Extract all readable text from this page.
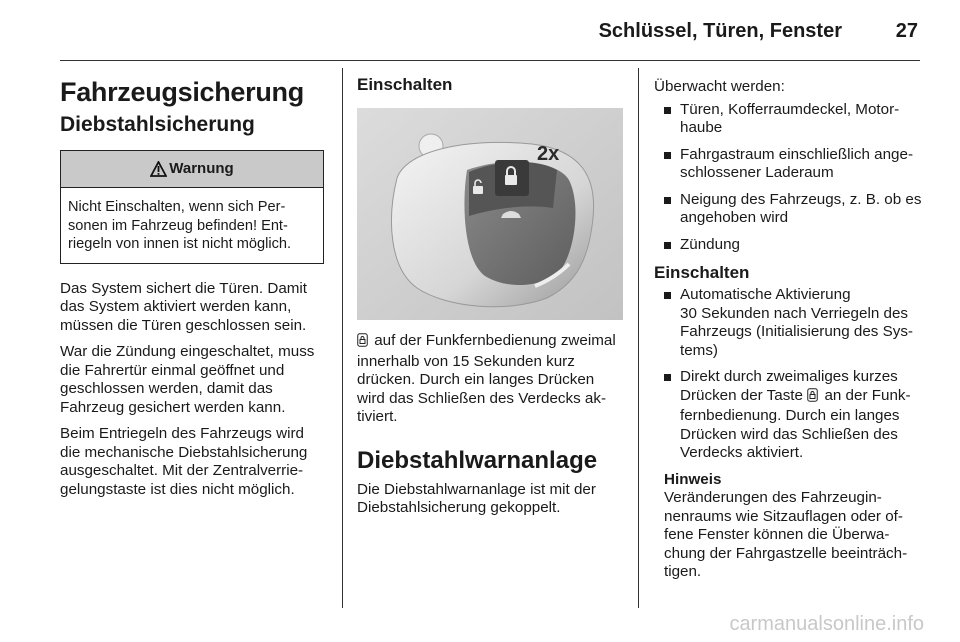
Schlüssel, Türen, Fenster	27
Fahrzeugsicherung
Diebstahlsicherung
Warnung
Nicht Einschalten, wenn sich Personen im Fahrzeug befinden! Entriegeln von innen ist nicht möglich.

Das System sichert die Türen. Damit das System aktiviert werden kann, müssen die Türen geschlossen sein.

War die Zündung eingeschaltet, muss die Fahrertür einmal geöffnet und geschlossen werden, damit das Fahrzeug gesichert werden kann.

Beim Entriegeln des Fahrzeugs wird die mechanische Diebstahlsicherung ausgeschaltet. Mit der Zentralverriegelungstaste ist dies nicht möglich.

Einschalten
2x

auf der Funkfernbedienung zweimal innerhalb von 15 Sekunden kurz drücken. Durch ein langes Drücken wird das Schließen des Verdecks aktiviert.

Diebstahlwarnanlage

Die Diebstahlwarnanlage ist mit der Diebstahlsicherung gekoppelt.

Überwacht werden:

Türen, Kofferraumdeckel, Motorhaube
Fahrgastraum einschließlich angeschlossener Laderaum
Neigung des Fahrzeugs, z. B. ob es angehoben wird
Zündung
Einschalten
Automatische Aktivierung
30 Sekunden nach Verriegeln des Fahrzeugs (Initialisierung des Systems)
Direkt durch zweimaliges kurzes Drücken der Taste an der Funkfernbedienung. Durch ein langes Drücken wird das Schließen des Verdecks aktiviert.
Hinweis
Veränderungen des Fahrzeuginnenraums wie Sitzauflagen oder offene Fenster können die Überwachung der Fahrgastzelle beeinträchtigen.
carmanualsonline.info
